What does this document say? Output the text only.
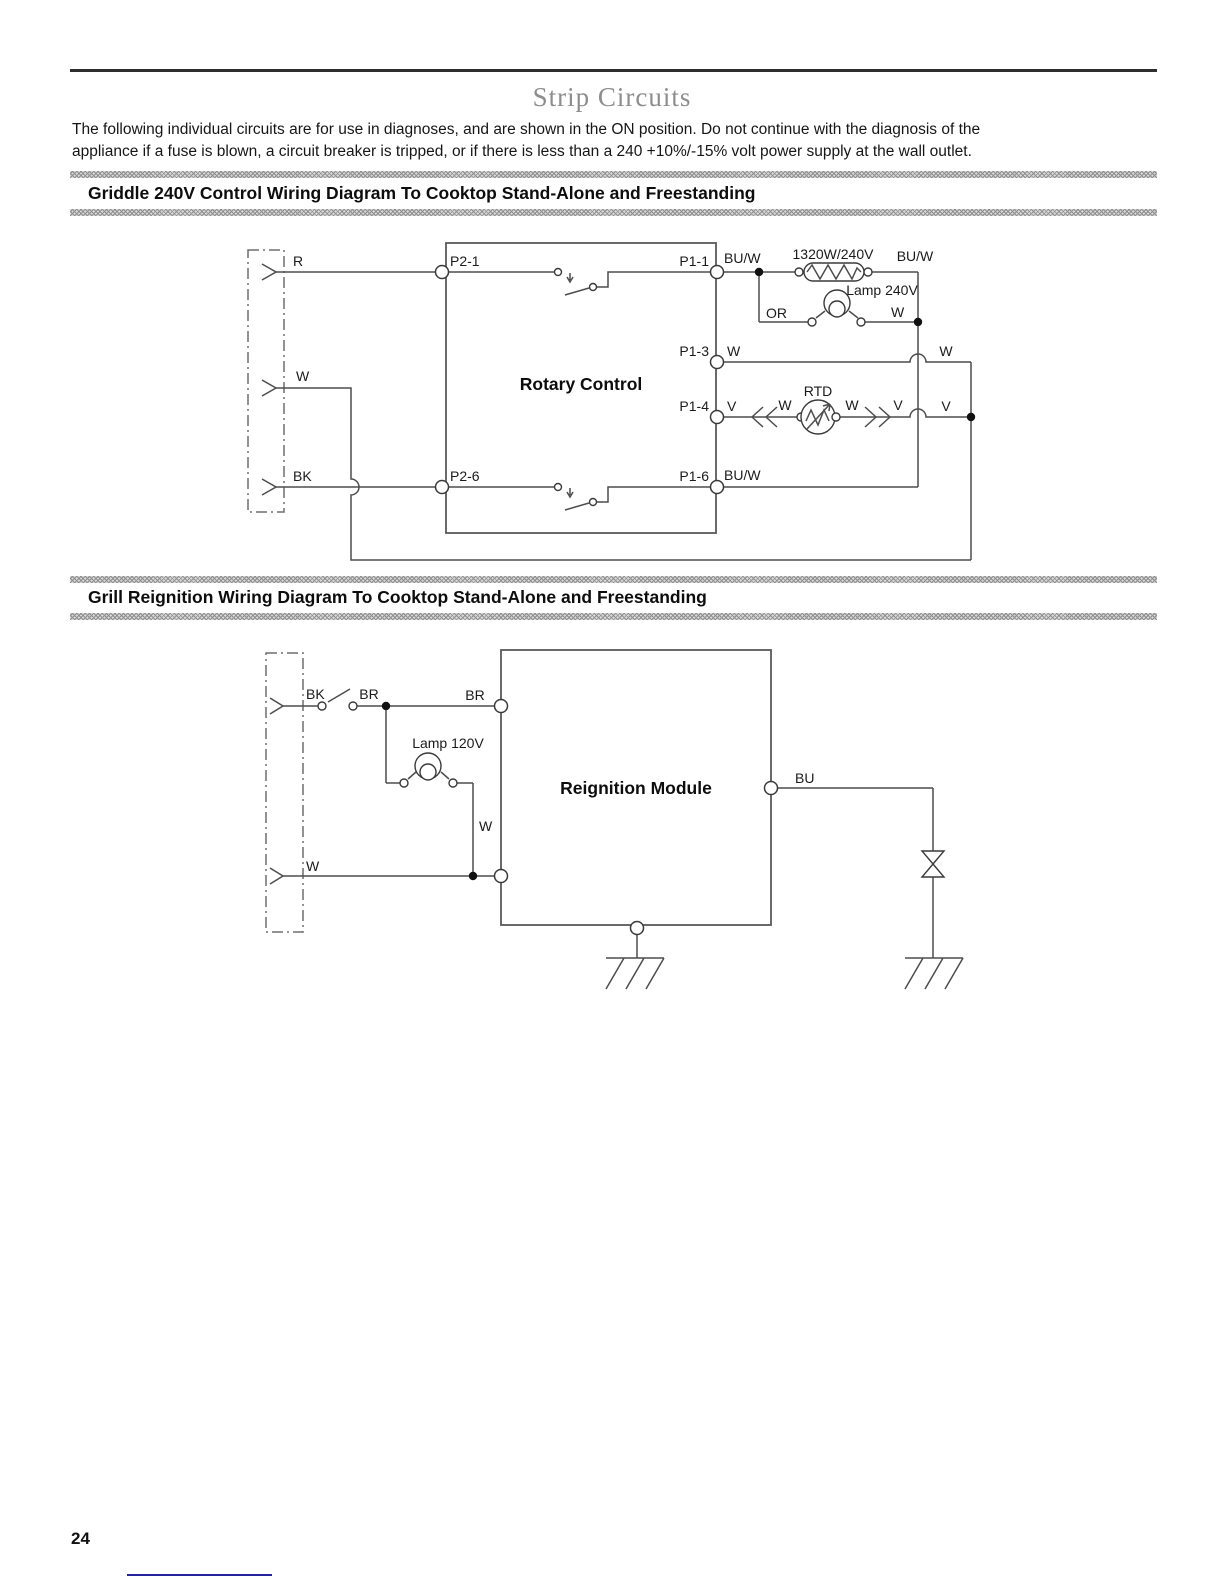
Strip Circuits
The following individual circuits are for use in diagnoses, and are shown in the ON position. Do not continue with the diagnosis of the
appliance if a fuse is blown, a circuit breaker is tripped, or if there is less than a 240 +10%/-15% volt power supply at the wall outlet.
Griddle 240V Control Wiring Diagram To Cooktop Stand-Alone and Freestanding
Rotary Control
R
W
BK
P2-1
P2-6
P1-1
P1-3
P1-4
P1-6
BU/W 1320W/240V BU/W
OR
Lamp 240V
W
W	W
V	W
RTD
W V	V
BU/W
Grill Reignition Wiring Diagram To Cooktop Stand-Alone and Freestanding
Reignition Module
BK BR	BR
Lamp 120V
W
W
BU
24
